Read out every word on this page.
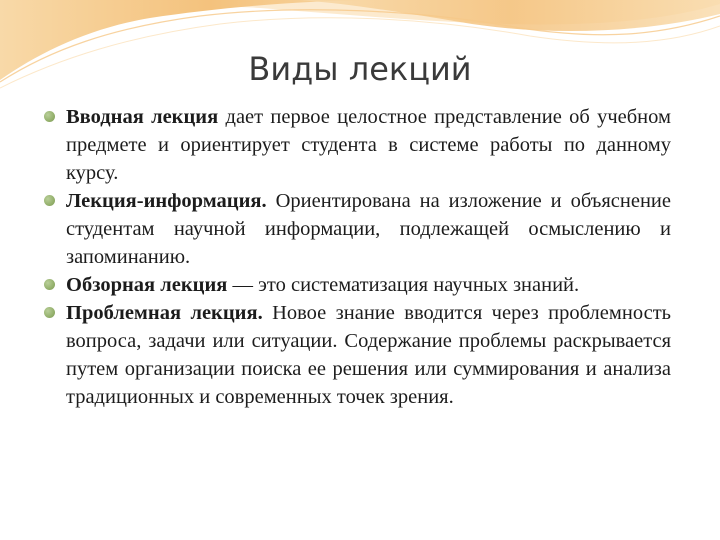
Виды лекций
Вводная лекция дает первое целостное представление об учебном предмете и ориентирует студента в системе работы по данному курсу.
Лекция-информация. Ориентирована на изложение и объяснение студентам научной информации, подлежащей осмыслению и запоминанию.
Обзорная лекция — это систематизация научных знаний.
Проблемная лекция. Новое знание вводится через проблемность вопроса, задачи или ситуации. Содержание проблемы раскрывается путем организации поиска ее решения или суммирования и анализа традиционных и современных точек зрения.
